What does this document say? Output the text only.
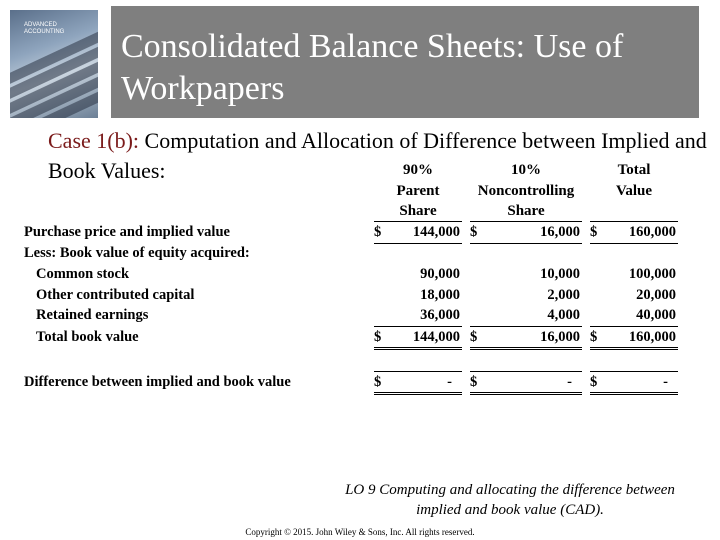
ADVANCED ACCOUNTING	Consolidated Balance Sheets: Use of Workpapers
Case 1(b): Computation and Allocation of Difference between Implied and Book Values:
		90%		10%		Total
	Parent		Noncontrolling		Value
	Share		Share		
Purchase price and implied value	$ 144,000		$ 16,000		$ 160,000
Less: Book value of equity acquired:					
Common stock	90,000		10,000		100,000
Other contributed capital	18,000		2,000		20,000
Retained earnings	36,000		4,000		40,000
Total book value	$ 144,000		$ 16,000		$ 160,000

Difference between implied and book value	$ -		$ -		$ -
LO 9 Computing and allocating the difference between
implied and book value (CAD).
Copyright © 2015. John Wiley & Sons, Inc. All rights reserved.
